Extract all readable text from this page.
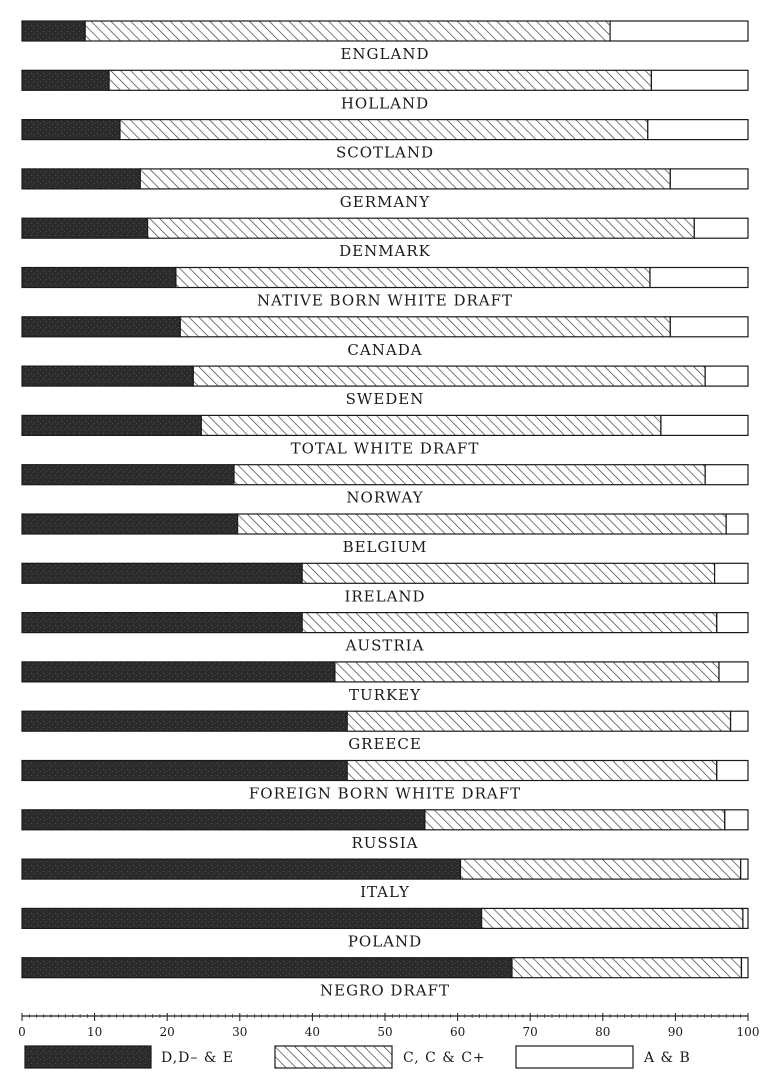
ENGLAND
HOLLAND
SCOTLAND
GERMANY
DENMARK
NATIVE BORN WHITE DRAFT
CANADA
SWEDEN
TOTAL WHITE DRAFT
NORWAY
BELGIUM
IRELAND
AUSTRIA
TURKEY
GREECE
FOREIGN BORN WHITE DRAFT
RUSSIA
ITALY
POLAND
NEGRO DRAFT
0	10	20	30	40	50	60	70	80	90	100
D,D– & E	C, C & C+	A & B
